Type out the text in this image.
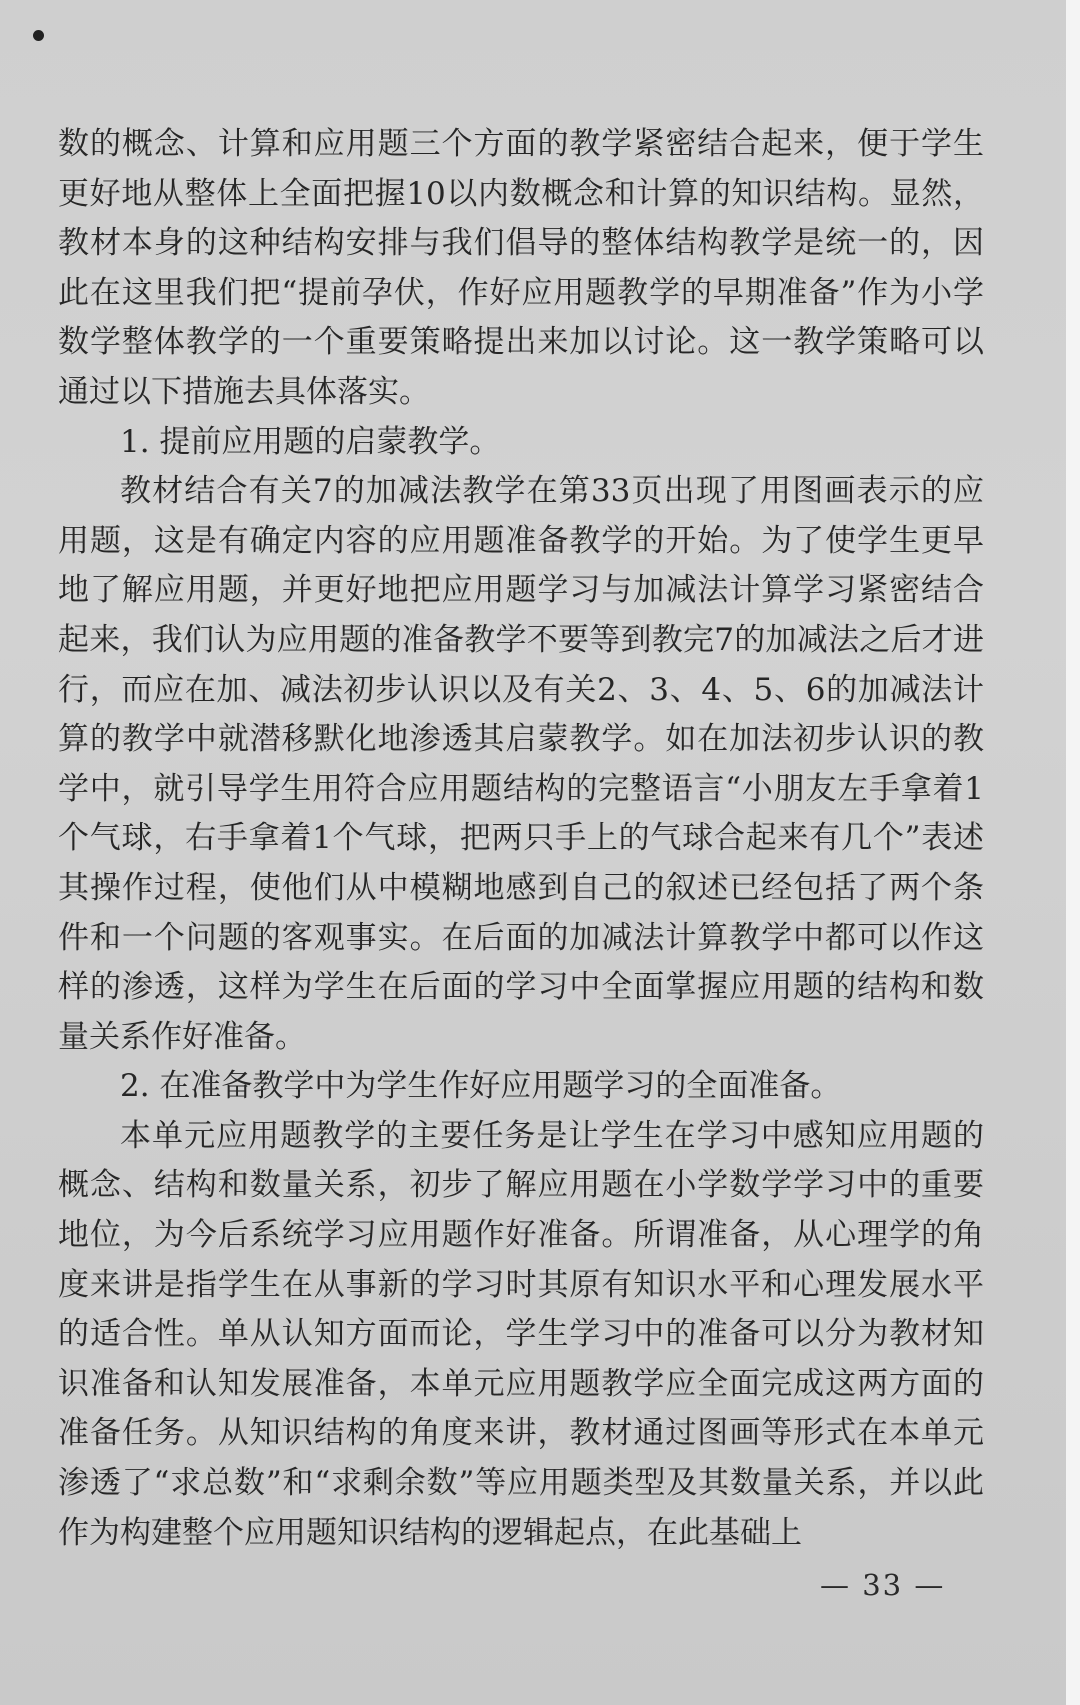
数的概念、计算和应用题三个方面的教学紧密结合起来，便于学生更好地从整体上全面把握10以内数概念和计算的知识结构。显然，教材本身的这种结构安排与我们倡导的整体结构教学是统一的，因此在这里我们把“提前孕伏，作好应用题教学的早期准备”作为小学数学整体教学的一个重要策略提出来加以讨论。这一教学策略可以通过以下措施去具体落实。

1. 提前应用题的启蒙教学。

教材结合有关7的加减法教学在第33页出现了用图画表示的应用题，这是有确定内容的应用题准备教学的开始。为了使学生更早地了解应用题，并更好地把应用题学习与加减法计算学习紧密结合起来，我们认为应用题的准备教学不要等到教完7的加减法之后才进行，而应在加、减法初步认识以及有关2、3、4、5、6的加减法计算的教学中就潜移默化地渗透其启蒙教学。如在加法初步认识的教学中，就引导学生用符合应用题结构的完整语言“小朋友左手拿着1个气球，右手拿着1个气球，把两只手上的气球合起来有几个”表述其操作过程，使他们从中模糊地感到自己的叙述已经包括了两个条件和一个问题的客观事实。在后面的加减法计算教学中都可以作这样的渗透，这样为学生在后面的学习中全面掌握应用题的结构和数量关系作好准备。

2. 在准备教学中为学生作好应用题学习的全面准备。

本单元应用题教学的主要任务是让学生在学习中感知应用题的概念、结构和数量关系，初步了解应用题在小学数学学习中的重要地位，为今后系统学习应用题作好准备。所谓准备，从心理学的角度来讲是指学生在从事新的学习时其原有知识水平和心理发展水平的适合性。单从认知方面而论，学生学习中的准备可以分为教材知识准备和认知发展准备，本单元应用题教学应全面完成这两方面的准备任务。从知识结构的角度来讲，教材通过图画等形式在本单元渗透了“求总数”和“求剩余数”等应用题类型及其数量关系，并以此作为构建整个应用题知识结构的逻辑起点，在此基础上

— 33 —
